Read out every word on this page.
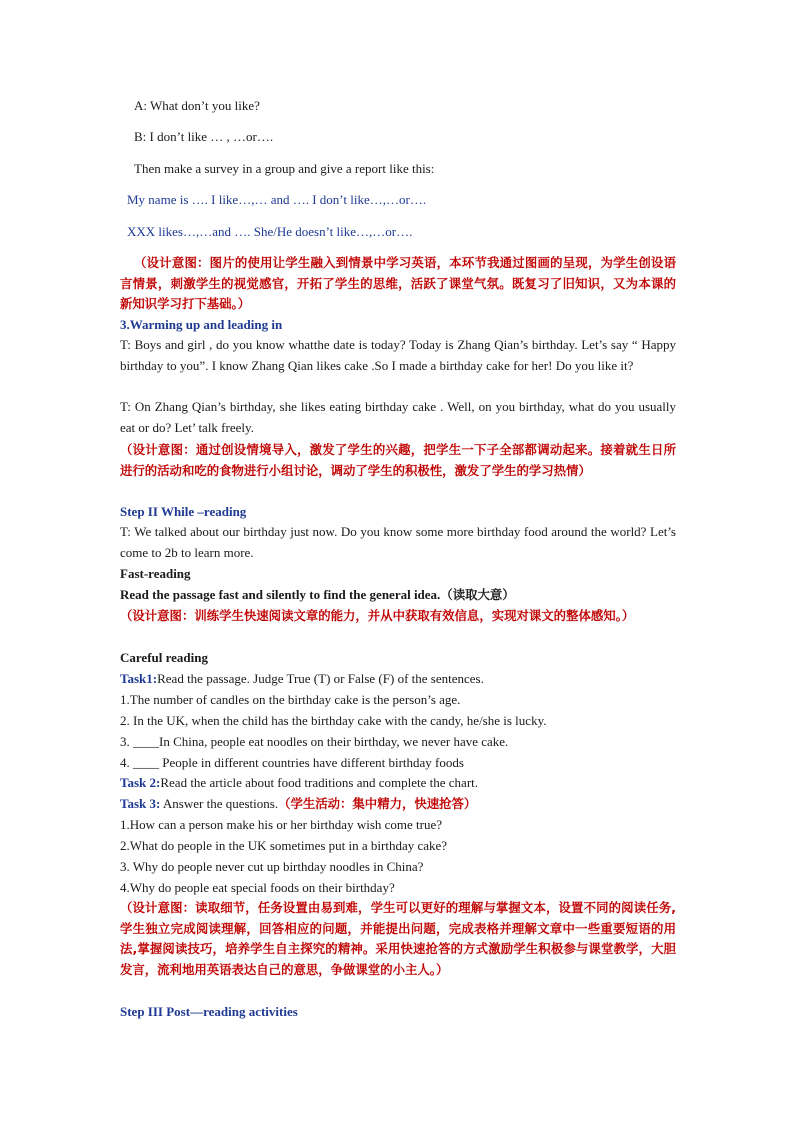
A: What don’t you like?
B: I don’t like … , …or….
Then make a survey in a group and give a report like this:
My name is …. I like…,… and …. I don’t like…,…or….
XXX likes…,…and …. She/He doesn’t like…,…or….
（设计意图：图片的使用让学生融入到情景中学习英语，本环节我通过图画的呈现，为学生创设语言情景，刺激学生的视觉感官，开拓了学生的思维，活跃了课堂气氛。既复习了旧知识，又为本课的新知识学习打下基础。）
3.Warming up and leading in
T: Boys and girl , do you know whatthe date is today? Today is Zhang Qian’s birthday. Let’s say “ Happy birthday to you”. I know Zhang Qian likes cake .So I made a birthday cake for her! Do you like it?
T: On Zhang Qian’s birthday, she likes eating birthday cake . Well, on you birthday, what do you usually eat or do? Let’ talk freely.
（设计意图：通过创设情境导入，激发了学生的兴趣，把学生一下子全部都调动起来。接着就生日所进行的活动和吃的食物进行小组讨论，调动了学生的积极性，激发了学生的学习热情）
Step II While –reading
T: We talked about our birthday just now. Do you know some more birthday food around the world? Let’s come to 2b to learn more.
Fast-reading
Read the passage fast and silently to find the general idea.（读取大意）
（设计意图：训练学生快速阅读文章的能力，并从中获取有效信息，实现对课文的整体感知。）
Careful reading
Task1:Read the passage. Judge True (T) or False (F) of the sentences.
1.The number of candles on the birthday cake is the person’s age.
2. In the UK, when the child has the birthday cake with the candy, he/she is lucky.
3. ____In China, people eat noodles on their birthday, we never have cake.
4. ____ People in different countries have different birthday foods
Task 2:Read the article about food traditions and complete the chart.
Task 3: Answer the questions.（学生活动：集中精力，快速抢答）
1.How can a person make his or her birthday wish come true?
2.What do people in the UK sometimes put in a birthday cake?
3. Why do people never cut up birthday noodles in China?
4.Why do people eat special foods on their birthday?
（设计意图：读取细节，任务设置由易到难，学生可以更好的理解与掌握文本，设置不同的阅读任务,学生独立完成阅读理解，回答相应的问题，并能提出问题，完成表格并理解文章中一些重要短语的用法,掌握阅读技巧，培养学生自主探究的精神。采用快速抢答的方式激励学生积极参与课堂教学，大胆发言，流利地用英语表达自己的意思，争做课堂的小主人。）
Step III Post—reading activities
